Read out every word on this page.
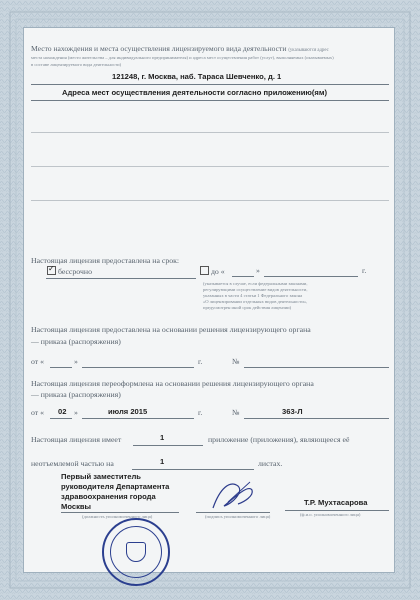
Место нахождения и места осуществления лицензируемого вида деятельности (указываются адрес
места нахождения (место жительства – для индивидуального предпринимателя) и адреса мест осуществления работ (услуг), выполняемых (оказываемых)
в составе лицензируемого вида деятельности)
121248, г. Москва, наб. Тараса Шевченко, д. 1
Адреса мест осуществления деятельности согласно приложению(ям)
Настоящая лицензия предоставлена на срок:
✓ бессрочно	до «	»	г.
(указывается в случае, если федеральными законами,
регулирующими осуществление видов деятельности,
указанных в части 4 статьи 1 Федерального закона
«О лицензировании отдельных видов деятельности»,
предусмотрен иной срок действия лицензии)
Настоящая лицензия предоставлена на основании решения лицензирующего органа
— приказа (распоряжения)
от «	»	г.	№
Настоящая лицензия переоформлена на основании решения лицензирующего органа
— приказа (распоряжения)
от « 02 »	июля 2015	г.	№	363-Л
Настоящая лицензия имеет	1	приложение (приложения), являющееся её
неотъемлемой частью на	1	листах.
Первый заместитель
руководителя Департамента
здравоохранения города
Москвы
(должность уполномоченного лица)	(подпись уполномоченного лица)
Т.Р. Мухтасарова
(ф.и.о. уполномоченного лица)
